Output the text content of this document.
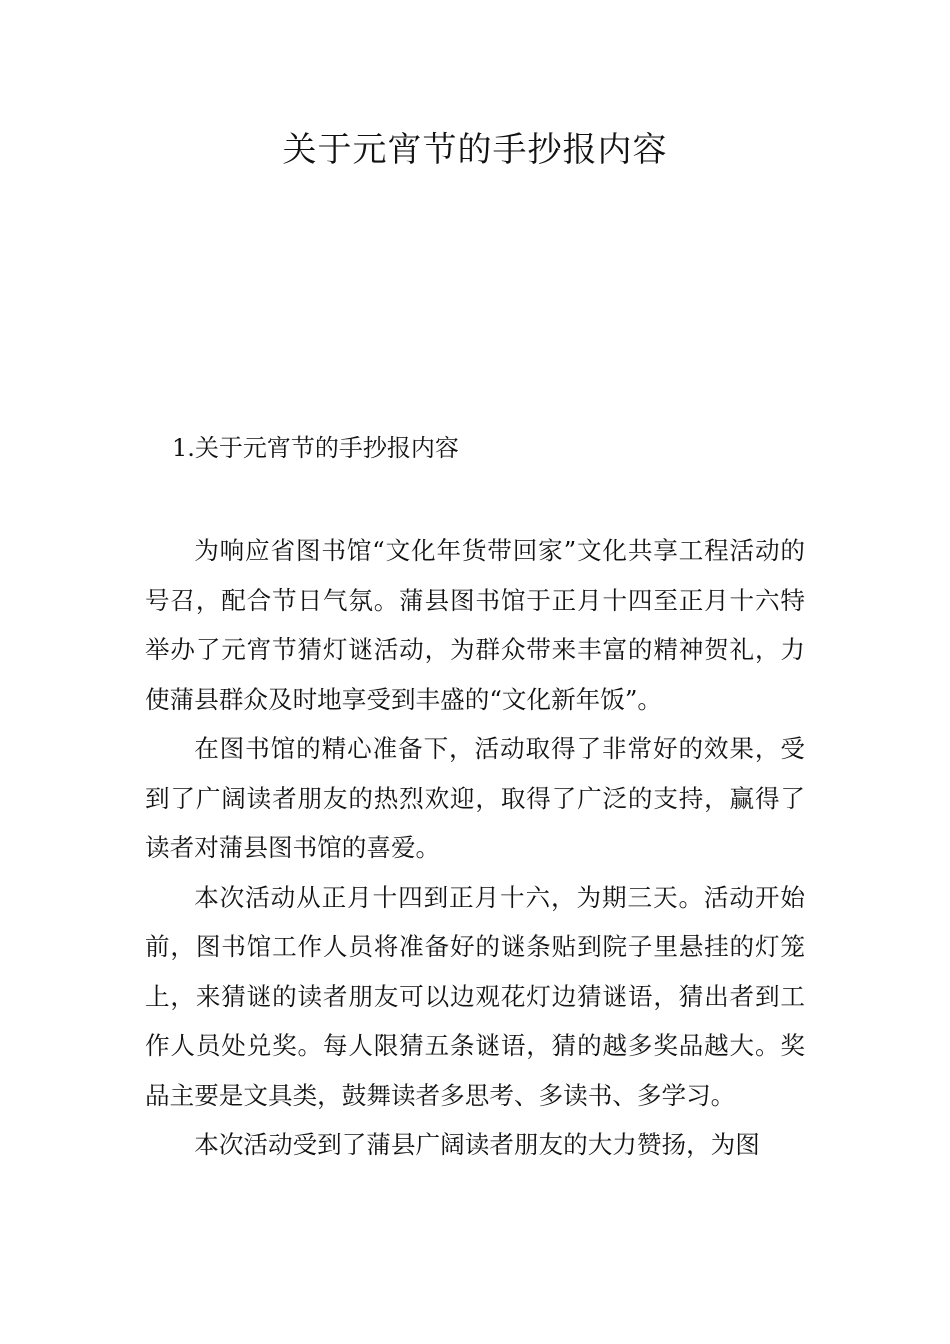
关于元宵节的手抄报内容
1.关于元宵节的手抄报内容

为响应省图书馆“文化年货带回家”文化共享工程活动的号召，配合节日气氛。蒲县图书馆于正月十四至正月十六特举办了元宵节猜灯谜活动，为群众带来丰富的精神贺礼，力使蒲县群众及时地享受到丰盛的“文化新年饭”。

在图书馆的精心准备下，活动取得了非常好的效果，受到了广阔读者朋友的热烈欢迎，取得了广泛的支持，赢得了读者对蒲县图书馆的喜爱。

本次活动从正月十四到正月十六，为期三天。活动开始前，图书馆工作人员将准备好的谜条贴到院子里悬挂的灯笼上，来猜谜的读者朋友可以边观花灯边猜谜语，猜出者到工作人员处兑奖。每人限猜五条谜语，猜的越多奖品越大。奖品主要是文具类，鼓舞读者多思考、多读书、多学习。

本次活动受到了蒲县广阔读者朋友的大力赞扬，为图
